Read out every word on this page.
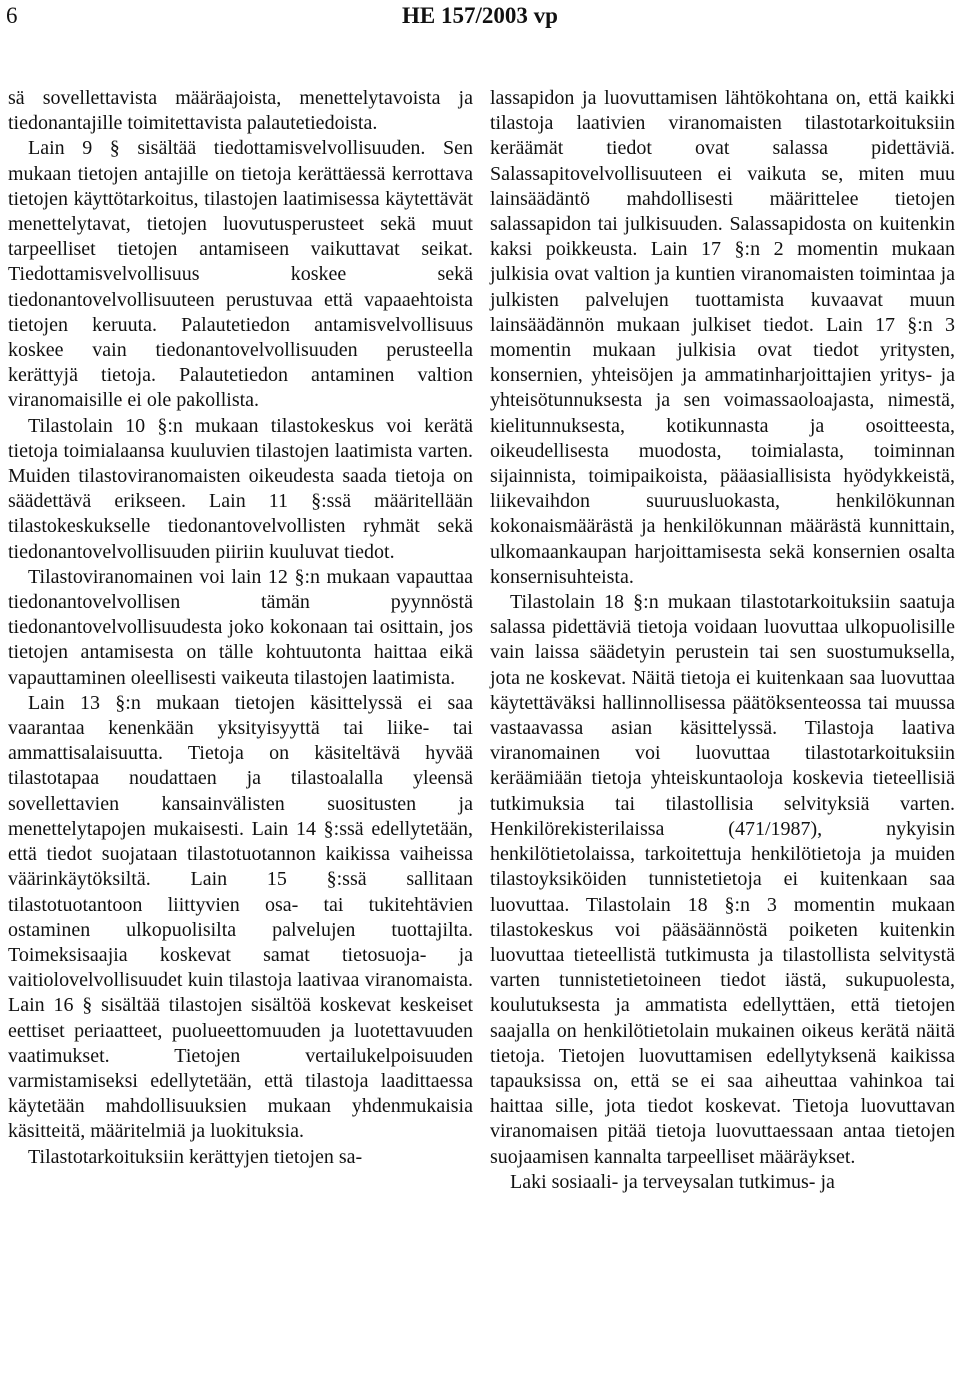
6	HE 157/2003 vp

sä sovellettavista määräajoista, menettelytavoista ja tiedonantajille toimitettavista palautetiedoista.

Lain 9 § sisältää tiedottamisvelvollisuuden. Sen mukaan tietojen antajille on tietoja kerättäessä kerrottava tietojen käyttötarkoitus, tilastojen laatimisessa käytettävät menettelytavat, tietojen luovutusperusteet sekä muut tarpeelliset tietojen antamiseen vaikuttavat seikat. Tiedottamisvelvollisuus koskee sekä tiedonantovelvollisuuteen perustuvaa että vapaaehtoista tietojen keruuta. Palautetiedon antamisvelvollisuus koskee vain tiedonantovelvollisuuden perusteella kerättyjä tietoja. Palautetiedon antaminen valtion viranomaisille ei ole pakollista.

Tilastolain 10 §:n mukaan tilastokeskus voi kerätä tietoja toimialaansa kuuluvien tilastojen laatimista varten. Muiden tilastoviranomaisten oikeudesta saada tietoja on säädettävä erikseen. Lain 11 §:ssä määritellään tilastokeskukselle tiedonantovelvollisten ryhmät sekä tiedonantovelvollisuuden piiriin kuuluvat tiedot.

Tilastoviranomainen voi lain 12 §:n mukaan vapauttaa tiedonantovelvollisen tämän pyynnöstä tiedonantovelvollisuudesta joko kokonaan tai osittain, jos tietojen antamisesta on tälle kohtuutonta haittaa eikä vapauttaminen oleellisesti vaikeuta tilastojen laatimista.

Lain 13 §:n mukaan tietojen käsittelyssä ei saa vaarantaa kenenkään yksityisyyttä tai liike- tai ammattisalaisuutta. Tietoja on käsiteltävä hyvää tilastotapaa noudattaen ja tilastoalalla yleensä sovellettavien kansainvälisten suositusten ja menettelytapojen mukaisesti. Lain 14 §:ssä edellytetään, että tiedot suojataan tilastotuotannon kaikissa vaiheissa väärinkäytöksiltä. Lain 15 §:ssä sallitaan tilastotuotantoon liittyvien osa- tai tukitehtävien ostaminen ulkopuolisilta palvelujen tuottajilta. Toimeksisaajia koskevat samat tietosuoja- ja vaitiolovelvollisuudet kuin tilastoja laativaa viranomaista. Lain 16 § sisältää tilastojen sisältöä koskevat keskeiset eettiset periaatteet, puolueettomuuden ja luotettavuuden vaatimukset. Tietojen vertailukelpoisuuden varmistamiseksi edellytetään, että tilastoja laadittaessa käytetään mahdollisuuksien mukaan yhdenmukaisia käsitteitä, määritelmiä ja luokituksia.

Tilastotarkoituksiin kerättyjen tietojen sa-

lassapidon ja luovuttamisen lähtökohtana on, että kaikki tilastoja laativien viranomaisten tilastotarkoituksiin keräämät tiedot ovat salassa pidettäviä. Salassapitovelvollisuuteen ei vaikuta se, miten muu lainsäädäntö mahdollisesti määrittelee tietojen salassapidon tai julkisuuden. Salassapidosta on kuitenkin kaksi poikkeusta. Lain 17 §:n 2 momentin mukaan julkisia ovat valtion ja kuntien viranomaisten toimintaa ja julkisten palvelujen tuottamista kuvaavat muun lainsäädännön mukaan julkiset tiedot. Lain 17 §:n 3 momentin mukaan julkisia ovat tiedot yritysten, konsernien, yhteisöjen ja ammatinharjoittajien yritys- ja yhteisötunnuksesta ja sen voimassaoloajasta, nimestä, kielitunnuksesta, kotikunnasta ja osoitteesta, oikeudellisesta muodosta, toimialasta, toiminnan sijainnista, toimipaikoista, pääasiallisista hyödykkeistä, liikevaihdon suuruusluokasta, henkilökunnan kokonaismäärästä ja henkilökunnan määrästä kunnittain, ulkomaankaupan harjoittamisesta sekä konsernien osalta konsernisuhteista.

Tilastolain 18 §:n mukaan tilastotarkoituksiin saatuja salassa pidettäviä tietoja voidaan luovuttaa ulkopuolisille vain laissa säädetyin perustein tai sen suostumuksella, jota ne koskevat. Näitä tietoja ei kuitenkaan saa luovuttaa käytettäväksi hallinnollisessa päätöksenteossa tai muussa vastaavassa asian käsittelyssä. Tilastoja laativa viranomainen voi luovuttaa tilastotarkoituksiin keräämiään tietoja yhteiskuntaoloja koskevia tieteellisiä tutkimuksia tai tilastollisia selvityksiä varten. Henkilörekisterilaissa (471/1987), nykyisin henkilötietolaissa, tarkoitettuja henkilötietoja ja muiden tilastoyksiköiden tunnistetietoja ei kuitenkaan saa luovuttaa. Tilastolain 18 §:n 3 momentin mukaan tilastokeskus voi pääsäännöstä poiketen kuitenkin luovuttaa tieteellistä tutkimusta ja tilastollista selvitystä varten tunnistetietoineen tiedot iästä, sukupuolesta, koulutuksesta ja ammatista edellyttäen, että tietojen saajalla on henkilötietolain mukainen oikeus kerätä näitä tietoja. Tietojen luovuttamisen edellytyksenä kaikissa tapauksissa on, että se ei saa aiheuttaa vahinkoa tai haittaa sille, jota tiedot koskevat. Tietoja luovuttavan viranomaisen pitää tietoja luovuttaessaan antaa tietojen suojaamisen kannalta tarpeelliset määräykset.

Laki sosiaali- ja terveysalan tutkimus- ja
